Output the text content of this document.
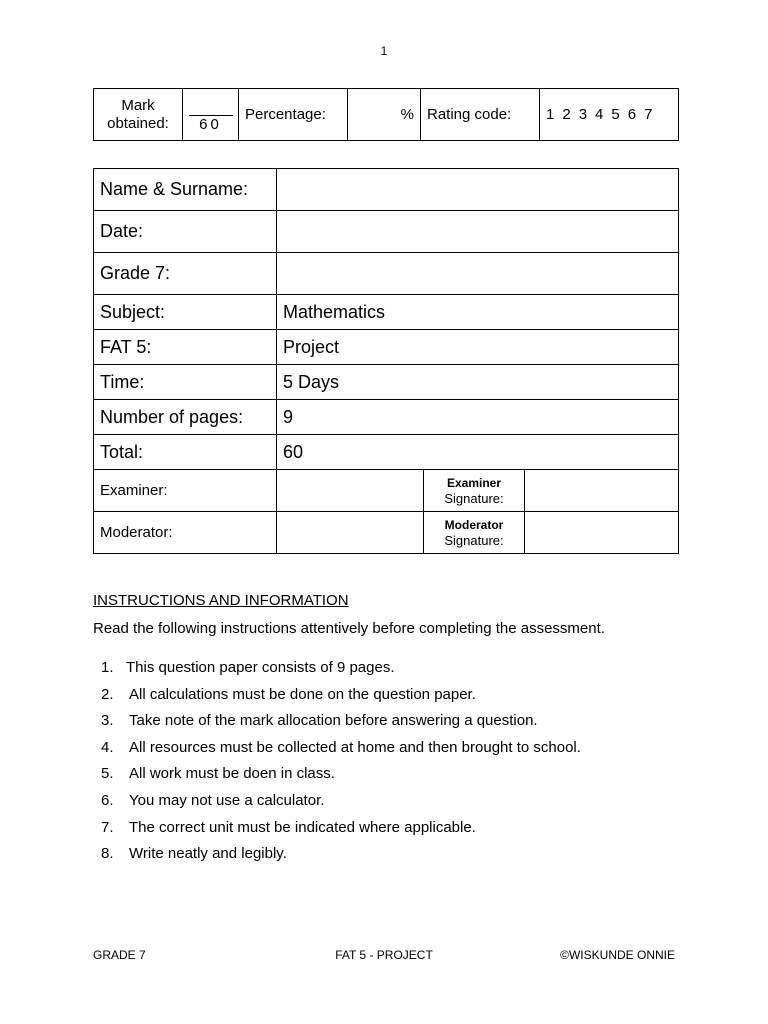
1
Mark
obtained:	60	Percentage:	%	Rating code:	1 2 3 4 5 6 7
Name & Surname:			
Date:			
Grade 7:			
Subject:	Mathematics		
FAT 5:	Project		
Time:	5 Days		
Number of pages:	9		
Total:	60		
Examiner:		Examiner
Signature:	
Moderator:		Moderator
Signature:	
INSTRUCTIONS AND INFORMATION
Read the following instructions attentively before completing the assessment.
1. This question paper consists of 9 pages.
2.	All calculations must be done on the question paper.
3.	Take note of the mark allocation before answering a question.
4.	All resources must be collected at home and then brought to school.
5.	All work must be doen in class.
6.	You may not use a calculator.
7.	The correct unit must be indicated where applicable.
8.	Write neatly and legibly.
GRADE 7	FAT 5 - PROJECT	©WISKUNDE ONNIE
